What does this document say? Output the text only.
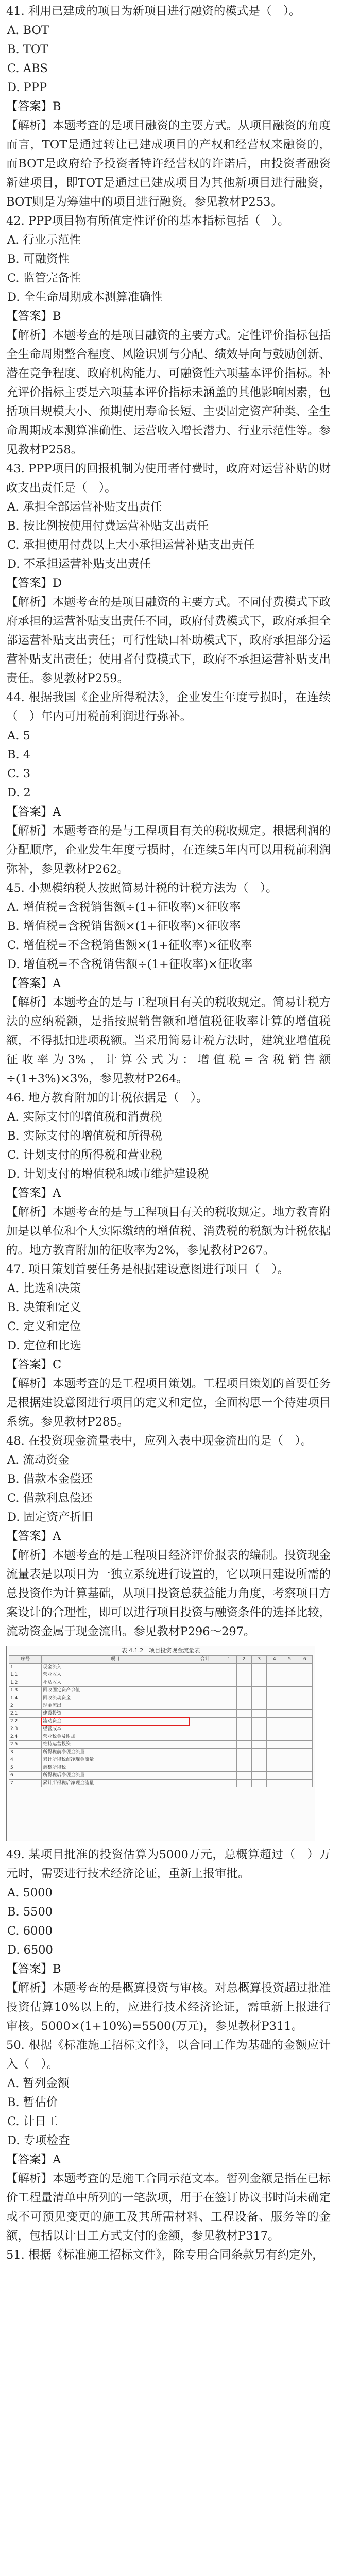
41. 利用已建成的项目为新项目进行融资的模式是（　）。

A. BOT

B. TOT

C. ABS

D. PPP

【答案】B

【解析】本题考查的是项目融资的主要方式。从项目融资的角度而言，TOT是通过转让已建成项目的产权和经营权来融资的，而BOT是政府给予投资者特许经营权的许诺后，由投资者融资新建项目，即TOT是通过已建成项目为其他新项目进行融资，BOT则是为筹建中的项目进行融资。参见教材P253。

42. PPP项目物有所值定性评价的基本指标包括（　）。

A. 行业示范性

B. 可融资性

C. 监管完备性

D. 全生命周期成本测算准确性

【答案】B

【解析】本题考查的是项目融资的主要方式。定性评价指标包括全生命周期整合程度、风险识别与分配、绩效导向与鼓励创新、潜在竞争程度、政府机构能力、可融资性六项基本评价指标。补充评价指标主要是六项基本评价指标未涵盖的其他影响因素，包括项目规模大小、预期使用寿命长短、主要固定资产种类、全生命周期成本测算准确性、运营收入增长潜力、行业示范性等。参见教材P258。

43. PPP项目的回报机制为使用者付费时，政府对运营补贴的财政支出责任是（　）。

A. 承担全部运营补贴支出责任

B. 按比例按使用付费运营补贴支出责任

C. 承担使用付费以上大小承担运营补贴支出责任

D. 不承担运营补贴支出责任

【答案】D

【解析】本题考查的是项目融资的主要方式。不同付费模式下政府承担的运营补贴支出责任不同，政府付费模式下，政府承担全部运营补贴支出责任；可行性缺口补助模式下，政府承担部分运营补贴支出责任；使用者付费模式下，政府不承担运营补贴支出责任。参见教材P259。

44. 根据我国《企业所得税法》，企业发生年度亏损时，在连续（　）年内可用税前利润进行弥补。

A. 5

B. 4

C. 3

D. 2

【答案】A

【解析】本题考查的是与工程项目有关的税收规定。根据利润的分配顺序，企业发生年度亏损时，在连续5年内可以用税前利润弥补，参见教材P262。

45. 小规模纳税人按照简易计税的计税方法为（　）。

A. 增值税=含税销售额÷(1+征收率)×征收率

B. 增值税=含税销售额×(1+征收率)×征收率

C. 增值税=不含税销售额×(1+征收率)×征收率

D. 增值税=不含税销售额÷(1+征收率)×征收率

【答案】A

【解析】本题考查的是与工程项目有关的税收规定。简易计税方法的应纳税额，是指按照销售额和增值税征收率计算的增值税额，不得抵扣进项税额。当采用简易计税方法时，建筑业增值税征收率为3%，计算公式为：增值税=含税销售额÷(1+3%)×3%，参见教材P264。

46. 地方教育附加的计税依据是（　）。

A. 实际支付的增值税和消费税

B. 实际支付的增值税和所得税

C. 计划支付的所得税和营业税

D. 计划支付的增值税和城市维护建设税

【答案】A

【解析】本题考查的是与工程项目有关的税收规定。地方教育附加是以单位和个人实际缴纳的增值税、消费税的税额为计税依据的。地方教育附加的征收率为2%，参见教材P267。

47. 项目策划首要任务是根据建设意图进行项目（　）。

A. 比选和决策

B. 决策和定义

C. 定义和定位

D. 定位和比选

【答案】C

【解析】本题考查的是工程项目策划。工程项目策划的首要任务是根据建设意图进行项目的定义和定位，全面构思一个待建项目系统。参见教材P285。

48. 在投资现金流量表中，应列入表中现金流出的是（　）。

A. 流动资金

B. 借款本金偿还

C. 借款利息偿还

D. 固定资产折旧

【答案】A

【解析】本题考查的是工程项目经济评价报表的编制。投资现金流量表是以项目为一独立系统进行设置的，它以项目建设所需的总投资作为计算基础，从项目投资总获益能力角度，考察项目方案设计的合理性，即可以进行项目投资与融资条件的选择比较，流动资金属于现金流出。参见教材P296～297。

表 4.1.2　项目投资现金流量表
序号	项目	合计	1	2	3	4	5	6
1	现金流入							
1.1	营业收入							
1.2	补贴收入							
1.3	回收固定资产余值							
1.4	回收流动资金							
2	现金流出							
2.1	建设投资							
2.2	流动资金							
2.3	经营成本							
2.4	营业税金及附加							
2.5	维持运营投资							
3	所得税前净现金流量							
4	累计所得税前净现金流量							
5	调整所得税							
6	所得税后净现金流量							
7	累计所得税后净现金流量							

49. 某项目批准的投资估算为5000万元，总概算超过（　）万元时，需要进行技术经济论证，重新上报审批。

A. 5000

B. 5500

C. 6000

D. 6500

【答案】B

【解析】本题考查的是概算投资与审核。对总概算投资超过批准投资估算10%以上的，应进行技术经济论证，需重新上报进行审核。5000×(1+10%)=5500(万元)，参见教材P311。

50. 根据《标准施工招标文件》，以合同工作为基础的金额应计入（　）。

A. 暂列金额

B. 暂估价

C. 计日工

D. 专项检查

【答案】A

【解析】本题考查的是施工合同示范文本。暂列金额是指在已标价工程量清单中所列的一笔款项，用于在签订协议书时尚未确定或不可预见变更的施工及其所需材料、工程设备、服务等的金额，包括以计日工方式支付的金额，参见教材P317。

51. 根据《标准施工招标文件》，除专用合同条款另有约定外，
